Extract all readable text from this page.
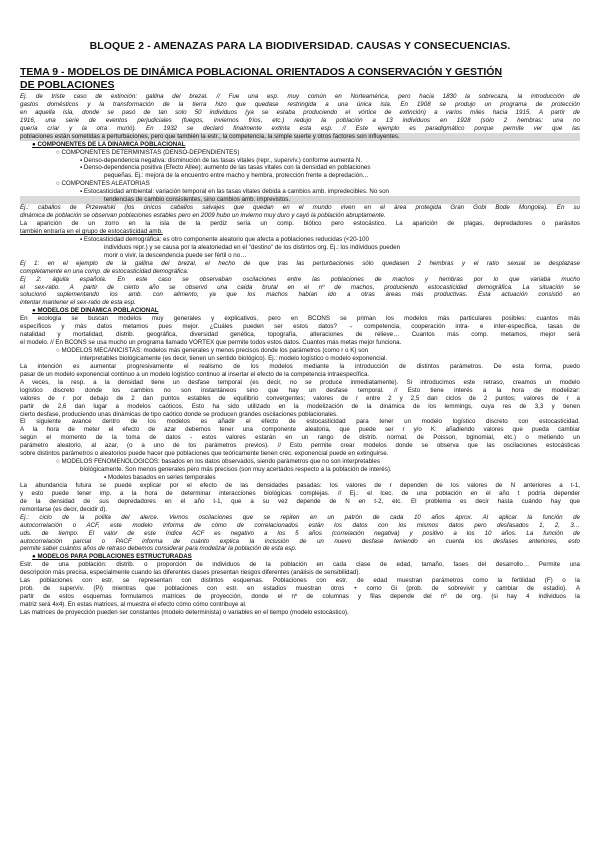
BLOQUE 2 - AMENAZAS PARA LA BIODIVERSIDAD. CAUSAS Y CONSECUENCIAS.
TEMA 9 - MODELOS DE DINÁMICA POBLACIONAL ORIENTADOS A CONSERVACIÓN Y GESTIÓN
DE POBLACIONES
Ej. de triste caso de extinción: gallina del brezal. // Fue una esp. muy común en Norteamérica, pero hacia 1830 la sobrecaza, la introducción de
gastos domésticos y la transformación de la tierra hizo que quedase restringida a una única isla. En 1908 se produjo un programa de protección
en aquella isla, donde se pasó de tan solo 50 individuos (ya se estaba produciendo el vórtice de extinción) a varios miles hacia 1915. A partir de
1916, una serie de eventos perjudiciales (fuegos, inviernos fríos, etc.) redujo la población a 13 individuos en 1928 (sólo 2 hembras: una no
quería criar y la otra murió). En 1932 se declaró finalmente extinta esta esp. // Este ejemplo es paradigmático porque permite ver que las
poblaciones están sometidas a perturbaciones, pero que también la estr., la competencia, la simple suerte y otros factores son influyentes.
● COMPONENTES DE LA DINÁMICA POBLACIONAL
○ COMPONENTES DETERMINISTAS (DENSO-DEPENDIENTES)
▪ Denso-dependencia negativa: disminución de las tasas vitales (repr., supervív.) conforme aumenta N.
▪ Denso-dependencia positiva (Efecto Allee): aumento de las tasas vitales con la densidad en poblaciones
pequeñas. Ej.: mejora de la encuentro entre macho y hembra, protección frente a depredación…
○ COMPONENTES ALEATORIAS
▪ Estocasticidad ambiental: variación temporal en las tasas vitales debida a cambios amb. impredecibles. No son
tendencias de cambio consistentes, sino cambios amb. imprevistos.
Ej.: caballos de Przewalski (los únicos caballos salvajes que quedan en el mundo viven en el área protegida Gran Gobi Bode Mongolia). En su
dinámica de población se observan poblaciones estables pero en 2009 hubo un invierno muy duro y cayó la población abruptamente.
La aparición de un zorro en la isla de la perdiz sería un comp. biótico pero estocástico. La aparición de plagas, depredadores o parásitos
también entraría en el grupo de estocasticidad amb.
▪ Estocasticidad demográfica: es otro componente aleatorio que afecta a poblaciones reducidas (<20-100
individuos repr.) y se causa por la aleatoriedad en el "destino" de los distintos org. Ej.: los individuos pueden
morir o vivir, la descendencia puede ser fértil o no…
Ej 1: en el ejemplo de la gallina del brezal, el hecho de que tras las perturbaciones sólo quedasen 2 hembras y el ratio sexual se desplazase
completamente en una comp. de estocasticidad demográfica.
Ej 2: águila española. En este caso se observaban oscilaciones entre las poblaciones de machos y hembras por lo que variaba mucho
el sex-ratio. A partir de cierto año se observó una caída brutal en el nº de machos, produciendo estocasticidad demográfica. La situación se
solucionó suplementando los amb. con alimento, ya que los machos habían ido a otras áreas más productivas. Esta actuación consistió en
intentar mantener el sex-ratio de esta esp.
● MODELOS DE DINÁMICA POBLACIONAL
En ecología se buscan modelos muy generales y explicativos, pero en BCONS se priman los modelos más particulares posibles: cuantos más
específicos y más datos metamos pues mejor. ¿Cuáles pueden ser estos datos? → competencia, cooperación intra- e inter-específica, tasas de
natalidad y mortalidad, distrib. geográfica, diversidad genética, topografía, alteraciones de relieve… Cuantos más comp. metamos, mejor será
el modelo. // En BCONS se usa mucho un programa llamado VORTEX que permite todos estos datos. Cuantos más metas mejor funciona.
○ MODELOS MECANICISTAS: modelos más generales y menos precisos donde los parámetros (como r o K) son
interpretables biológicamente (es decir, tienen un sentido biológico). Ej.: modelo logístico o modelo exponencial.
La intención es aumentar progresivamente el realismo de los modelos mediante la introducción de distintos parámetros. De esta forma, puedo
pasar de un modelo exponencial continuo a un modelo logístico continuo al insertar el efecto de la competencia intraespecífica.
A veces, la resp. a la densidad tiene un desfase temporal (es decir, no se produce inmediatamente). Si introducimos este retraso, creamos un modelo
logístico discreto donde los cambios no son instantáneos sino que hay un desfase temporal. // Esto tiene interés a la hora de modelizar:
valores de r por debajo de 2 dan puntos estables de equilibrio convergentes; valores de r entre 2 y 2,5 dan ciclos de 2 puntos; valores de r a
partir de 2,6 dan lugar a modelos caóticos. Esto ha sido utilizado en la modelización de la dinámica de los lemmings, cuya res de 3,3 y tienen
cierto desfase, produciendo unas dinámicas de tipo caótico donde se producen grandes oscilaciones poblacionales.
El siguiente avance dentro de los modelos es añadir el efecto de estocasticidad para tener un modelo logístico discreto con estocasticidad.
A la hora de meter el efecto de azar debemos tener una componente aleatoria, que puede ser r y/o K: añadiendo valores que pueda cambiar
según el momento de la toma de datos - estos valores estarán en un rango de distrib. normal, de Poisson, bginomial, etc.) o metiendo un
parámetro aleatorio, al azar, (o a uno de los parámetros previos). // Esto permite crear modelos donde se observa que las oscilaciones estocásticas
sobre distintos parámetros o aleatorios puede hacer que poblaciones que teóricamente tienen crec. exponencial puede en extinguirse.
○ MODELOS FENOMENOLÓGICOS: basados en los datos observados, siendo parámetros que no son interpretables
biológicamente. Son menos generales pero más precisos (son muy acertados respecto a la población de interés).
▪ Modelos basados en series temporales
La abundancia futura se puede explicar por el efecto de las densidades pasadas: los valores de r dependen de los valores de N anteriores a t-1,
y esto puede tener imp. a la hora de determinar interacciones biológicas complejas. // Ej.: el lcec. de una población en el año t podría depender
de la densidad de sus depredadores en el año t-1, que a su vez depende de N en t-2, etc. El problema es decir hasta cuándo hay que
remontarse (es decir, decidir d).
Ej.: ciclo de la polilla del alerce. Vemos oscilaciones que se repiten en un patrón de cada 10 años aprox. Al aplicar la función de
autocorrelación o ACF, este modelo informa de cómo de correlacionados están los datos con los mismos datos pero desfasados 1, 2, 3…
uds. de tiempo. El valor de este índice ACF es negativo a los 5 años (correlación negativa) y positivo a los 10 años. La función de
autocorrelación parcial o PACF informa de cuánto explica la inclusión de un nuevo desfase teniendo en cuenta los desfases anteriores, esto
permite saber cuántos años de retraso debemos considerar para modelizar la población de esta esp.
● MODELOS PARA POBLACIONES ESTRUCTURADAS
Estr. de una población: distrib. o proporción de individuos de la población en cada clase de edad, tamaño, fases del desarrollo… Permite una
descripción más precisa, especialmente cuando las diferentes clases presentan riesgos diferentes (análisis de sensibilidad).
Las poblaciones con estr. se representan con distintos esquemas. Poblaciones con estr. de edad muestran parámetros como la fertilidad (F) o la
prob. de supervív. (Pi) mientras que poblaciones con estr. en estadios muestran otros + como Gi (prob. de sobrevivir y cambiar de estadio). A
partir de estos esquemas formulamos matrices de proyección, donde el nº de columnas y filas depende del nº de org. (si hay 4 individuos la
matriz será 4x4). En estas matrices, al muestra el efecto cómo cómo contribuye al.
Las matrices de proyección pueden ser constantes (modelo determinista) o variables en el tiempo (modelo estocástico).
